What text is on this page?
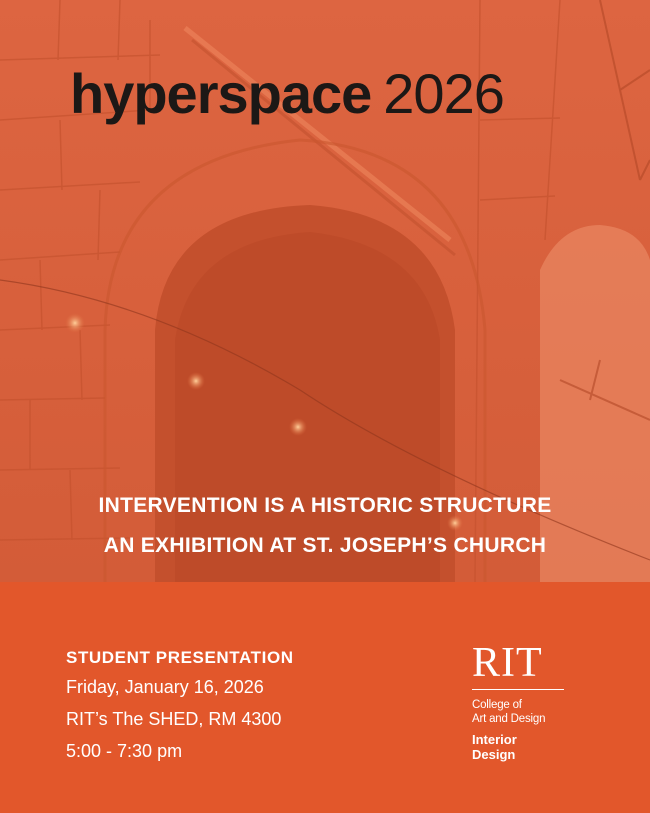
hyperspace 2026
INTERVENTION IS A HISTORIC STRUCTURE
AN EXHIBITION AT ST. JOSEPH’S CHURCH
STUDENT PRESENTATION
Friday, January 16, 2026
RIT’s The SHED, RM 4300
5:00 - 7:30 pm
RIT
College of
Art and Design
Interior
Design
